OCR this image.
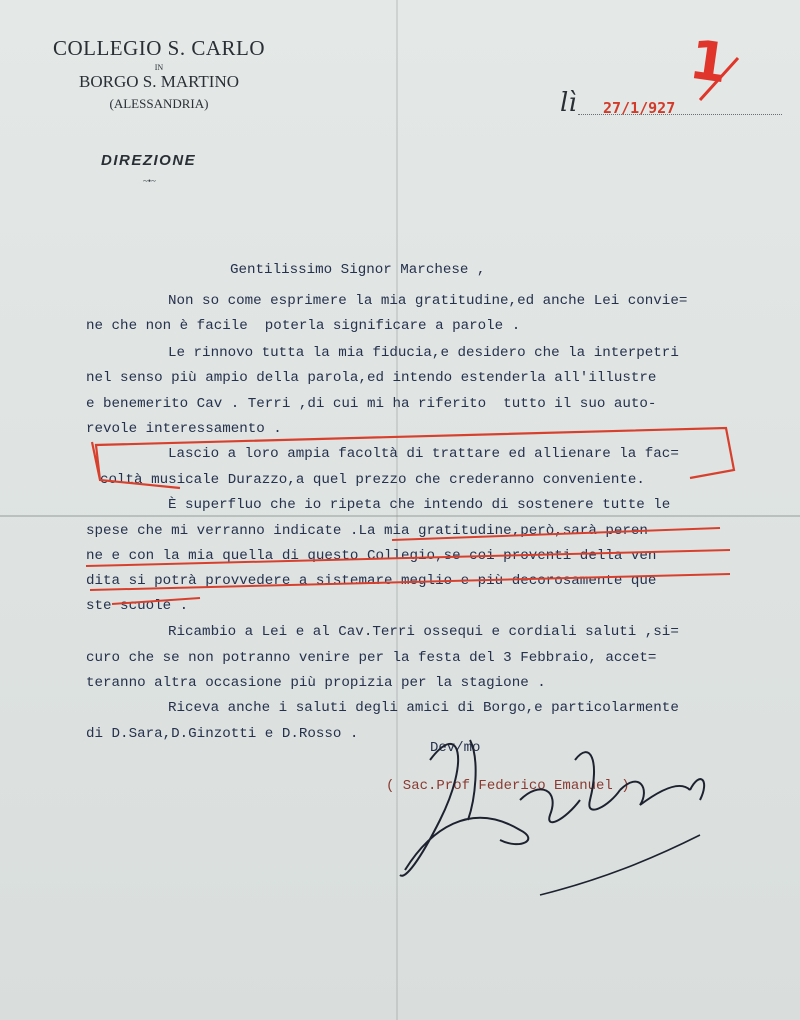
COLLEGIO S. CARLO
IN
BORGO S. MARTINO
(ALESSANDRIA)
DIREZIONE
~•~
lì 27/1/927
1

Gentilissimo Signor Marchese ,

Non so come esprimere la mia gratitudine,ed anche Lei convie=

ne che non è facile  poterla significare a parole .

Le rinnovo tutta la mia fiducia,e desidero che la interpetri

nel senso più ampio della parola,ed intendo estenderla all'illustre

e benemerito Cav . Terri ,di cui mi ha riferito  tutto il suo auto-

revole interessamento .

Lascio a loro ampia facoltà di trattare ed allienare la fac=

coltà musicale Durazzo,a quel prezzo che crederanno conveniente.

È superfluo che io ripeta che intendo di sostenere tutte le

spese che mi verranno indicate .La mia gratitudine,però,sarà peren

ne e con la mia quella di questo Collegio,se coi proventi della ven

dita si potrà provvedere a sistemare meglio e più decorosamente que

ste scuole .

Ricambio a Lei e al Cav.Terri ossequi e cordiali saluti ,si=

curo che se non potranno venire per la festa del 3 Febbraio, accet=

teranno altra occasione più propizia per la stagione .

Riceva anche i saluti degli amici di Borgo,e particolarmente

di D.Sara,D.Ginzotti e D.Rosso .

Dev/mo
( Sac.Prof Federico Emanuel )
